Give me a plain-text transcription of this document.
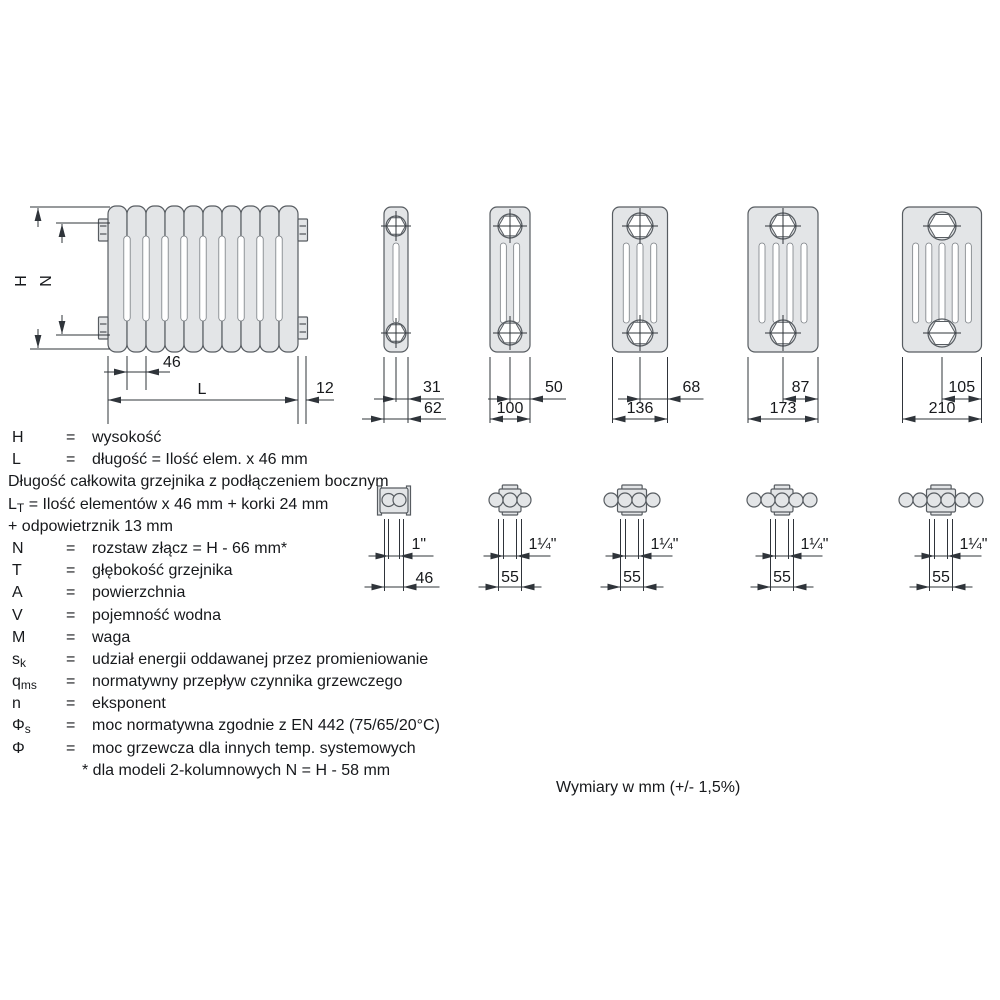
H N
46
L	12	31
62
50
100
68
136
87
173
105
210
1"
46
1¼"
55
1¼"
55
1¼"
55
1¼"
55
H	= wysokość
L	= długość = Ilość elem. x 46 mm
Długość całkowita grzejnika z podłączeniem bocznym
$L_T$ = Ilość elementów x 46 mm + korki 24 mm
+ odpowietrznik 13 mm
N	= rozstaw złącz = H - 66 mm*
T	= głębokość grzejnika
A	= powierzchnia
V	= pojemność wodna
M	= waga
$s_k$	= udział energii oddawanej przez promieniowanie
$q_{ms}$ = normatywny przepływ czynnika grzewczego
n	= eksponent
$\Phi_s$ = moc normatywna zgodnie z EN 442 (75/65/20°C)
Φ	= moc grzewcza dla innych temp. systemowych
* dla modeli 2-kolumnowych N = H - 58 mm
Wymiary w mm (+/- 1,5%)
